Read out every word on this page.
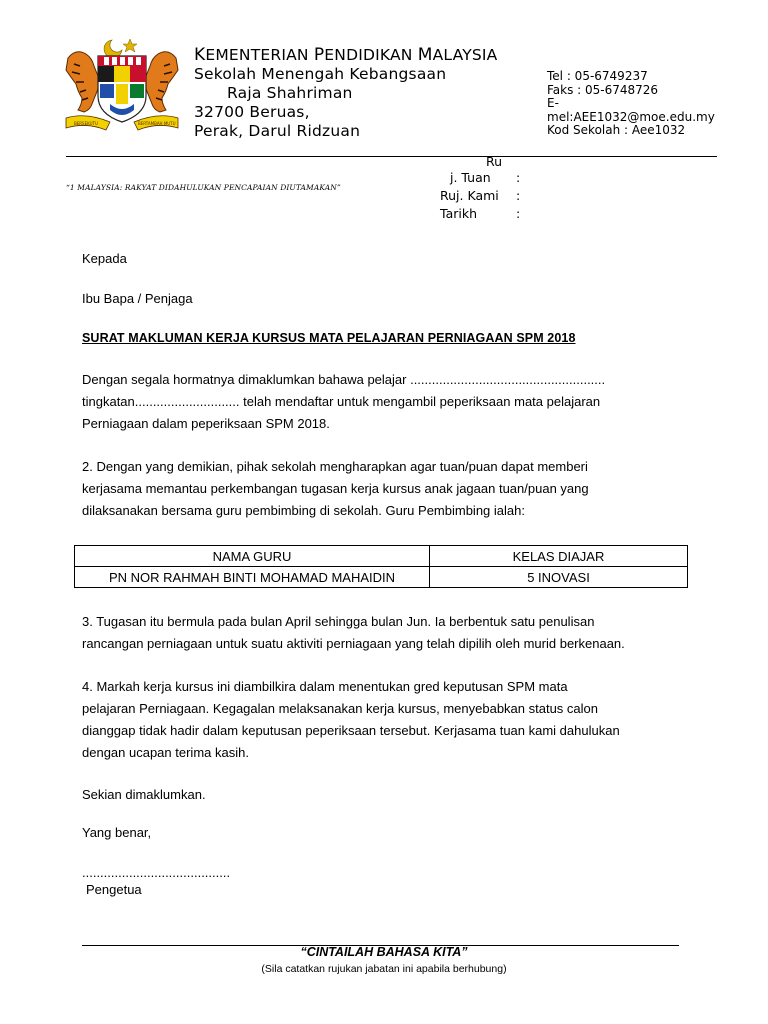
BERSEKUTU	BERTAMBAH MUTU
KEMENTERIAN PENDIDIKAN MALAYSIA
Sekolah Menengah Kebangsaan
Raja Shahriman
32700 Beruas,
Perak, Darul Ridzuan
Tel : 05-6749237
Faks : 05-6748726
E-
mel:AEE1032@moe.edu.my
Kod Sekolah : Aee1032
“1 MALAYSIA: RAKYAT DIDAHULUKAN PENCAPAIAN DIUTAMAKAN”
Ru
j. Tuan :
Ruj. Kami :
Tarikh	:
Kepada
Ibu Bapa / Penjaga
SURAT MAKLUMAN KERJA KURSUS MATA PELAJARAN PERNIAGAAN SPM 2018
Dengan segala hormatnya dimaklumkan bahawa pelajar ......................................................
tingkatan............................. telah mendaftar untuk mengambil peperiksaan mata pelajaran
Perniagaan dalam peperiksaan SPM 2018.
2. Dengan yang demikian, pihak sekolah mengharapkan agar tuan/puan dapat memberi
kerjasama memantau perkembangan tugasan kerja kursus anak jagaan tuan/puan yang
dilaksanakan bersama guru pembimbing di sekolah. Guru Pembimbing ialah:
NAMA GURU	KELAS DIAJAR
PN NOR RAHMAH BINTI MOHAMAD MAHAIDIN	5 INOVASI
3. Tugasan itu bermula pada bulan April sehingga bulan Jun. Ia berbentuk satu penulisan
rancangan perniagaan untuk suatu aktiviti perniagaan yang telah dipilih oleh murid berkenaan.
4. Markah kerja kursus ini diambilkira dalam menentukan gred keputusan SPM mata
pelajaran Perniagaan. Kegagalan melaksanakan kerja kursus, menyebabkan status calon
dianggap tidak hadir dalam keputusan peperiksaan tersebut. Kerjasama tuan kami dahulukan
dengan ucapan terima kasih.
Sekian dimaklumkan.
Yang benar,
.........................................
Pengetua
“CINTAILAH BAHASA KITA”
(Sila catatkan rujukan jabatan ini apabila berhubung)
